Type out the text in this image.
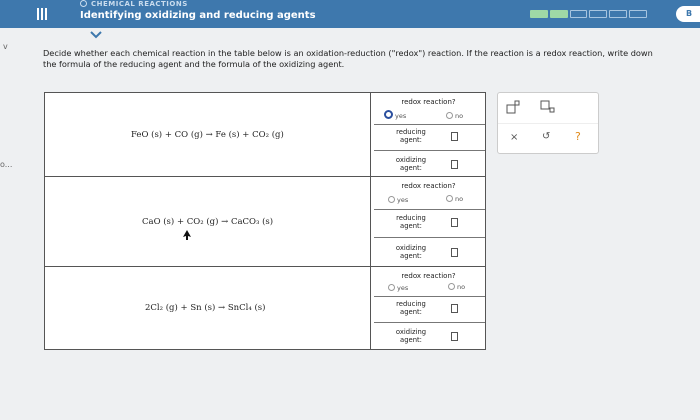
CHEMICAL REACTIONS
Identifying oxidizing and reducing agents	B
v
o...
Decide whether each chemical reaction in the table below is an oxidation-reduction ("redox") reaction. If the reaction is a redox reaction, write down
the formula of the reducing agent and the formula of the oxidizing agent.
FeO (s) + CO (g) → Fe (s) + CO₂ (g)
redox reaction?
yes	no
reducing agent:
oxidizing agent:
CaO (s) + CO₂ (g) → CaCO₃ (s)
redox reaction?
yes	no
reducing agent:
oxidizing agent:
2Cl₂ (g) + Sn (s) → SnCl₄ (s)
redox reaction?
yes	no
reducing agent:
oxidizing agent:
× ↺ ?
